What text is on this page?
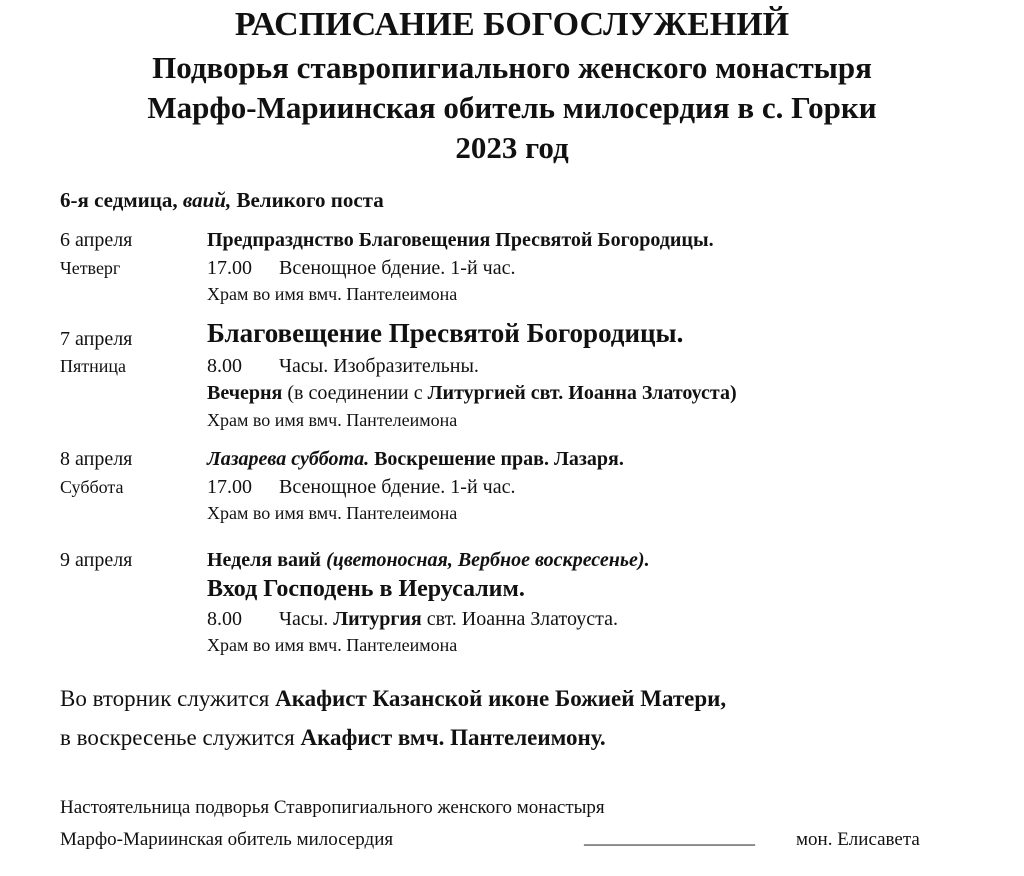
РАСПИСАНИЕ БОГОСЛУЖЕНИЙ
Подворья ставропигиального женского монастыря
Марфо-Мариинская обитель милосердия в с. Горки
2023 год
6-я седмица, ваий, Великого поста
6 апреля
Четверг
Предпразднство Благовещения Пресвятой Богородицы.
17.00 Всенощное бдение. 1-й час.
Храм во имя вмч. Пантелеимона
7 апреля
Пятница
Благовещение Пресвятой Богородицы.
8.00 Часы. Изобразительны.
Вечерня (в соединении с Литургией свт. Иоанна Златоуста)
Храм во имя вмч. Пантелеимона
8 апреля
Суббота
Лазарева суббота. Воскрешение прав. Лазаря.
17.00 Всенощное бдение. 1-й час.
Храм во имя вмч. Пантелеимона
9 апреля	Неделя ваий (цветоносная, Вербное воскресенье).
Вход Господень в Иерусалим.
8.00 Часы. Литургия свт. Иоанна Златоуста.
Храм во имя вмч. Пантелеимона
Во вторник служится Акафист Казанской иконе Божией Матери,
в воскресенье служится Акафист вмч. Пантелеимону.
Настоятельница подворья Ставропигиального женского монастыря
Марфо-Мариинская обитель милосердия	__________________ мон. Елисавета
